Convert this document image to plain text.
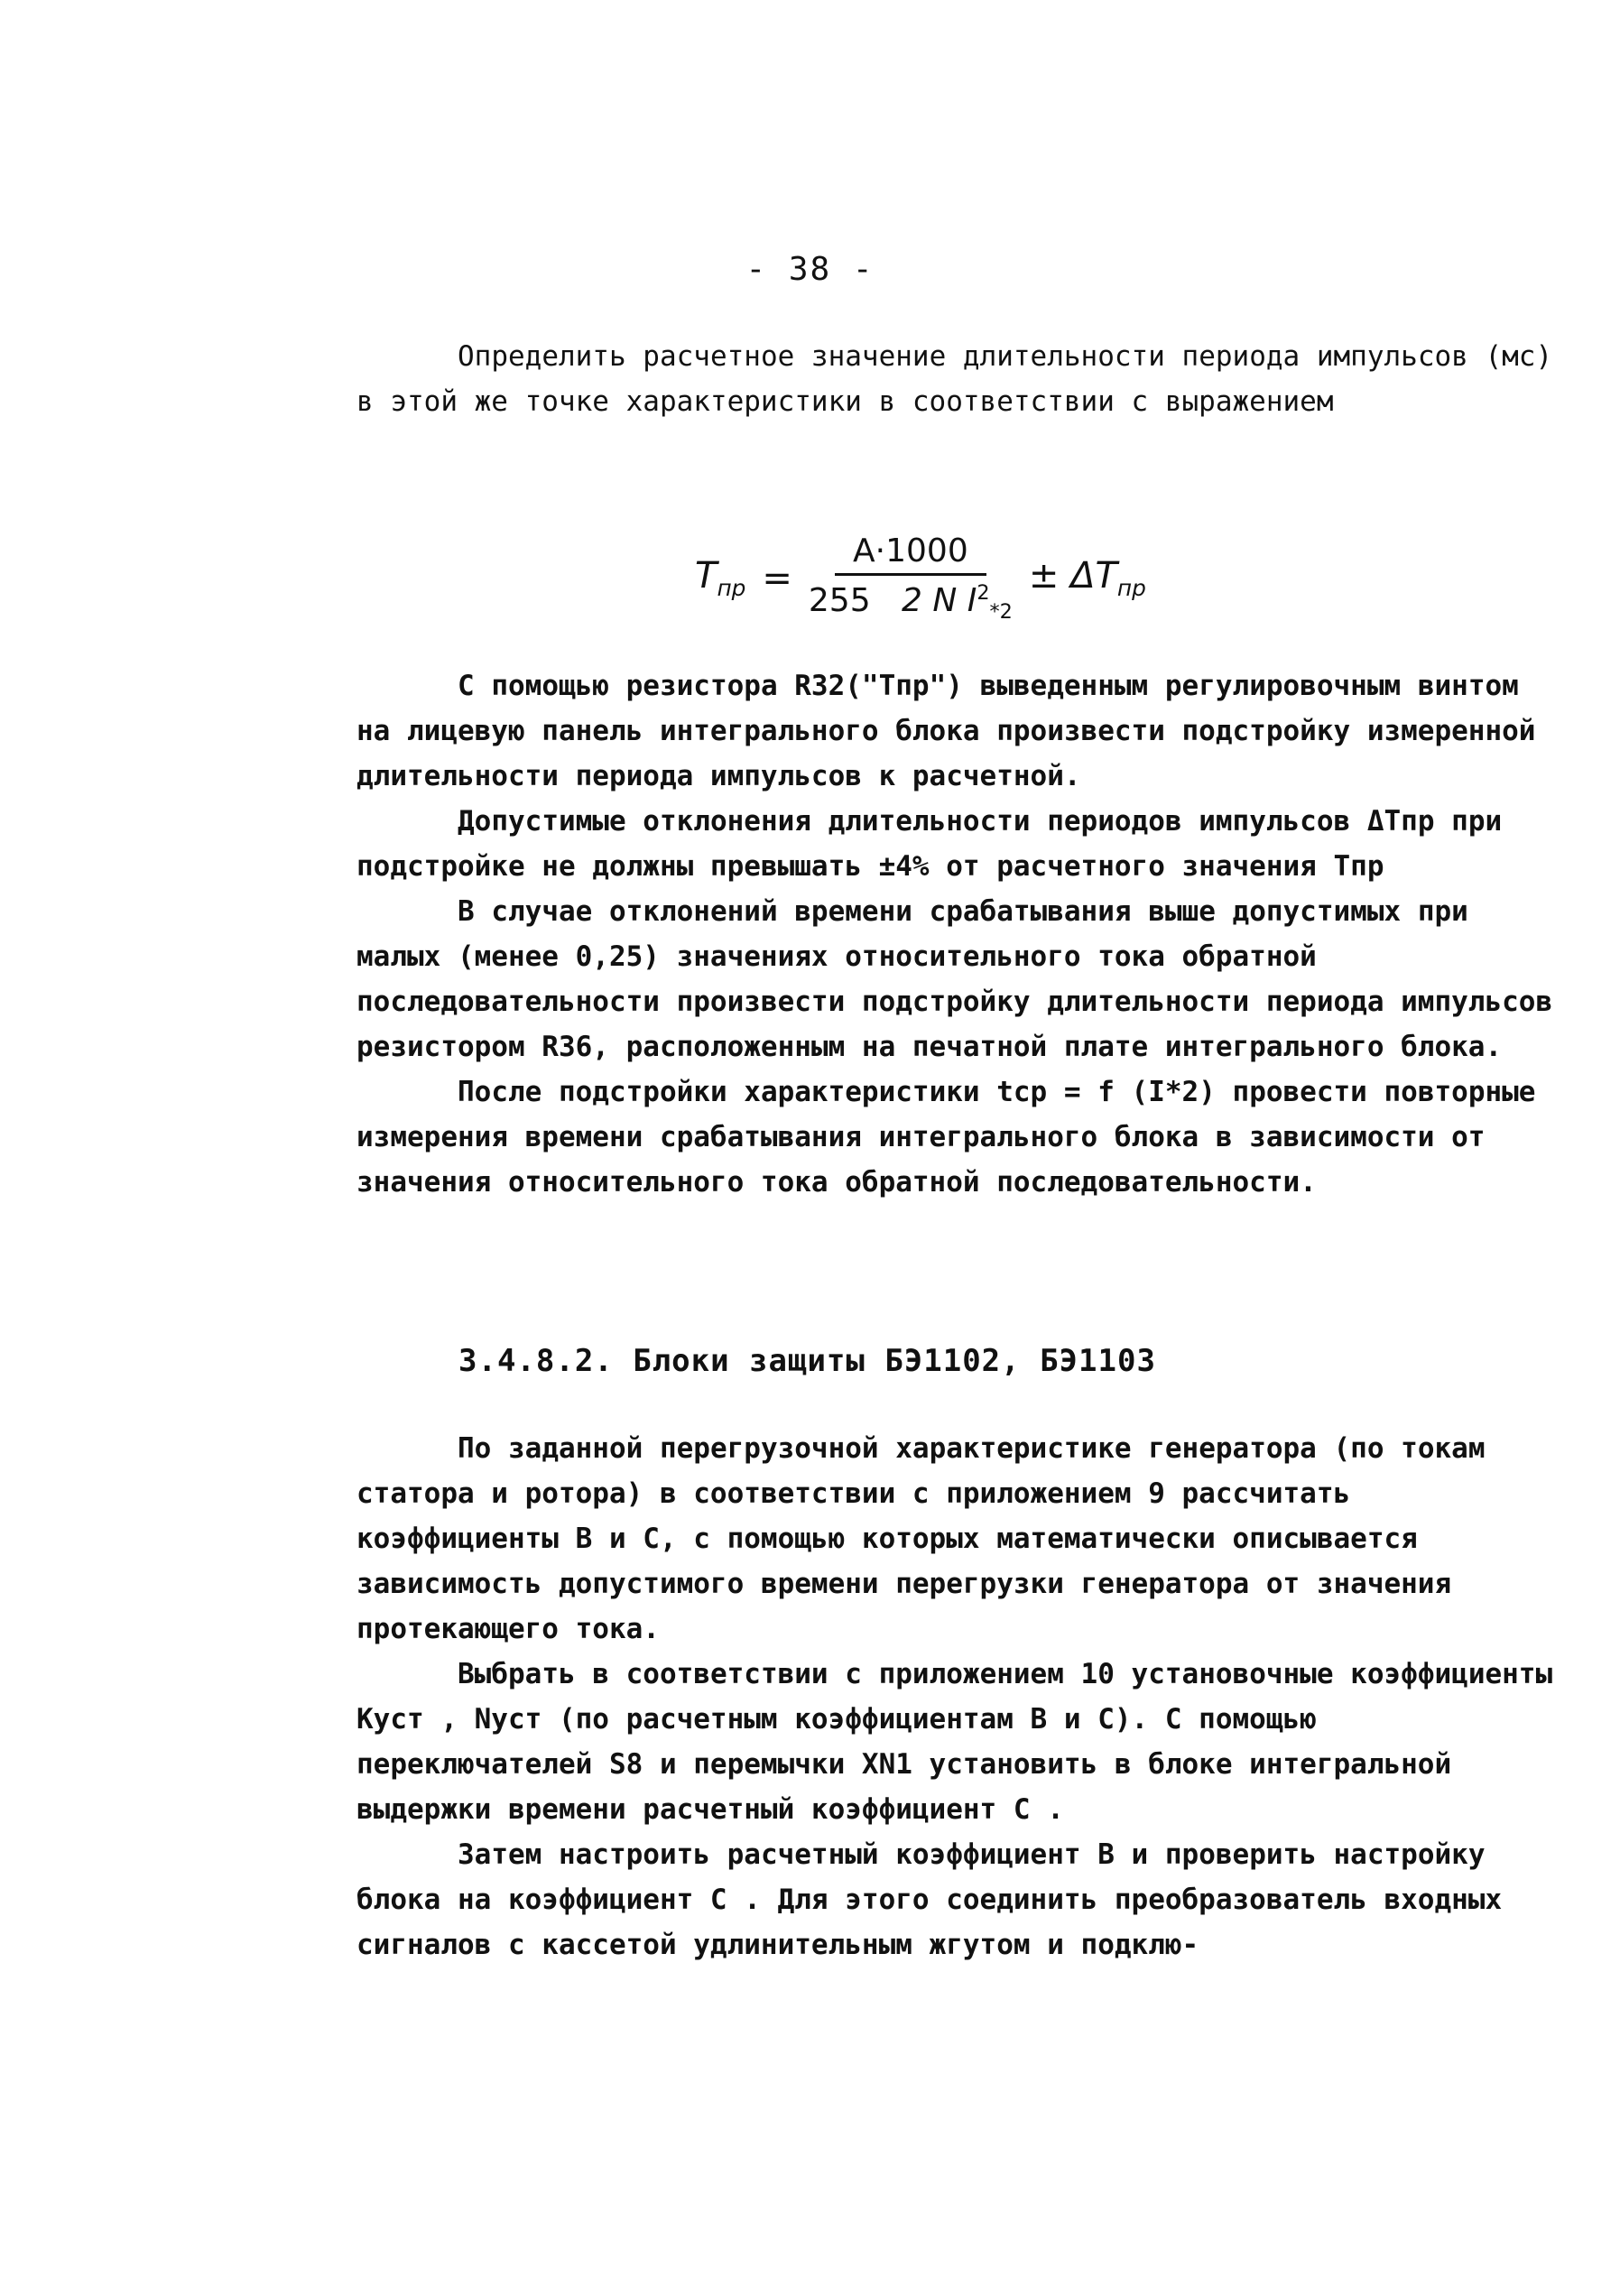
- 38 -

Определить расчетное значение длительности периода импульсов (мс) в этой же точке характеристики в соответствии с выражением

$T_{пр} = \frac{A\cdot 1000}{255 2 N I^2_{*2}} \pm \Delta T_{пр}$

С помощью резистора R32("Tпр") выведенным регулировочным винтом на лицевую панель интегрального блока произвести подстройку измеренной длительности периода импульсов к расчетной.

Допустимые отклонения длительности периодов импульсов ΔTпр при подстройке не должны превышать ±4% от расчетного значения Tпр

В случае отклонений времени срабатывания выше допустимых при малых (менее 0,25) значениях относительного тока обратной последовательности произвести подстройку длительности периода импульсов резистором R36, расположенным на печатной плате интегрального блока.

После подстройки характеристики tср = f (I*2) провести повторные измерения времени срабатывания интегрального блока в зависимости от значения относительного тока обратной последовательности.

3.4.8.2. Блоки защиты БЭ1102, БЭ1103

По заданной перегрузочной характеристике генератора (по токам статора и ротора) в соответствии с приложением 9 рассчитать коэффициенты В и С, с помощью которых математически описывается зависимость допустимого времени перегрузки генератора от значения протекающего тока.

Выбрать в соответствии с приложением 10 установочные коэффициенты Куст , Nуст (по расчетным коэффициентам В и С). С помощью переключателей S8 и перемычки XN1 установить в блоке интегральной выдержки времени расчетный коэффициент С .

Затем настроить расчетный коэффициент В и проверить настройку блока на коэффициент С . Для этого соединить преобразователь входных сигналов с кассетой удлинительным жгутом и подклю-
